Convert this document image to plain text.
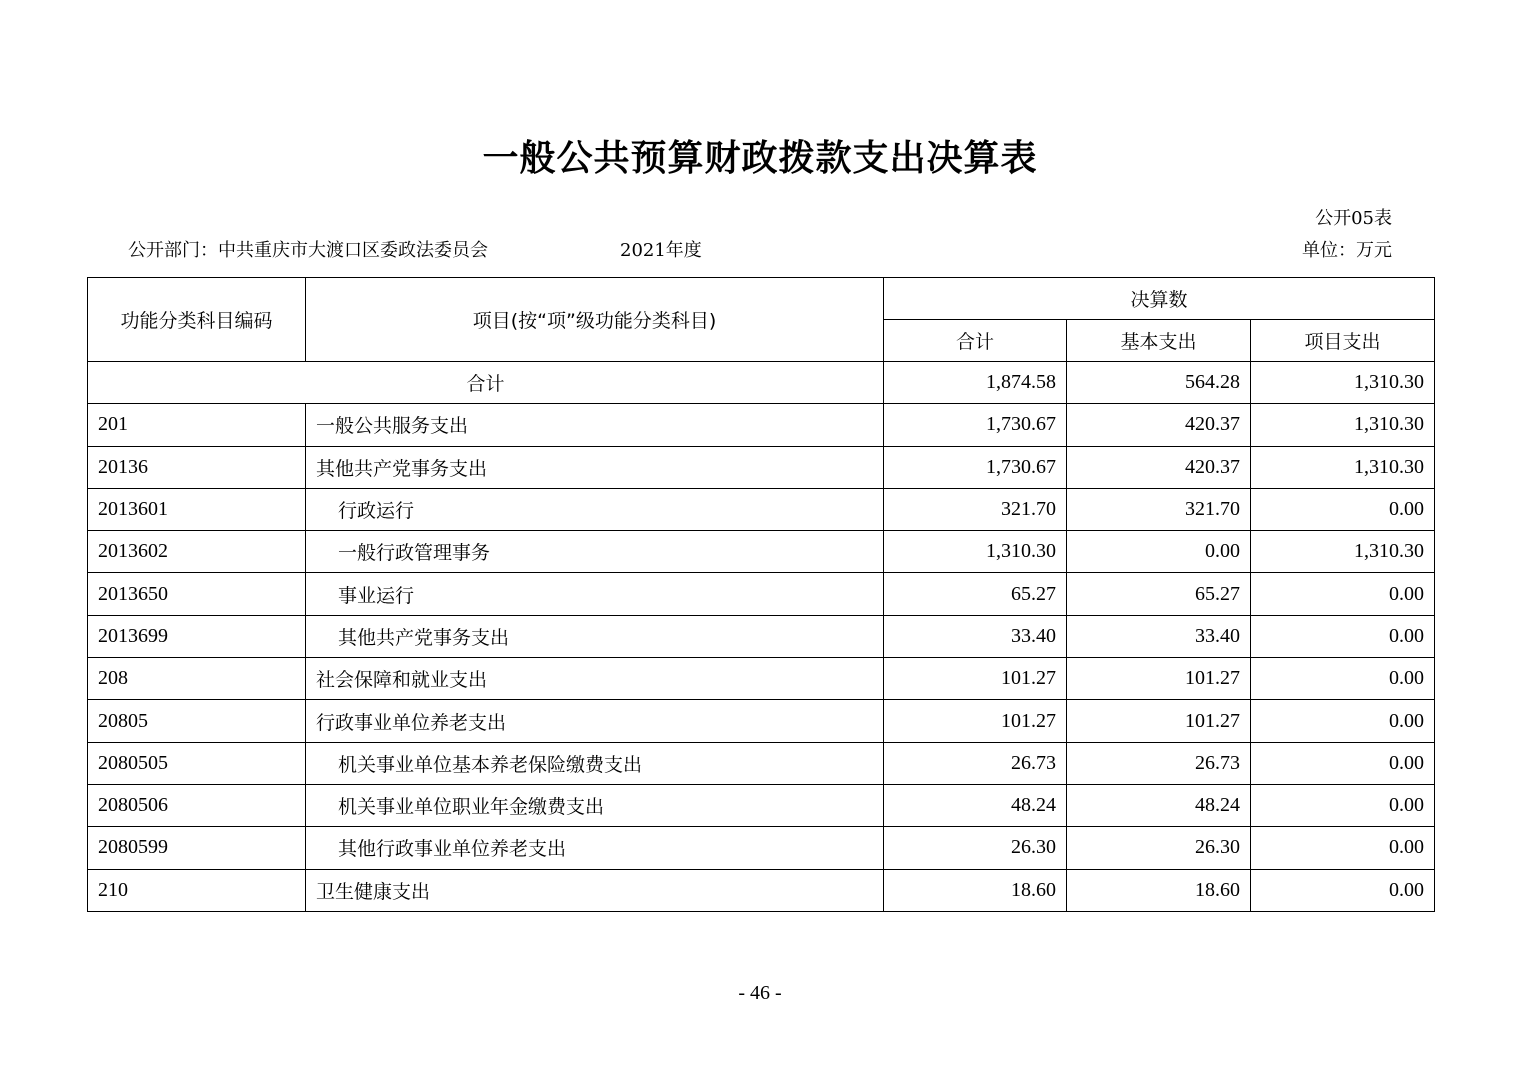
一般公共预算财政拨款支出决算表
公开05表
公开部门：中共重庆市大渡口区委政法委员会	2021年度	单位：万元
功能分类科目编码	项目(按“项”级功能分类科目)	决算数		
		合计	基本支出	项目支出
合计		1,874.58	564.28	1,310.30
201	一般公共服务支出	1,730.67	420.37	1,310.30
20136	其他共产党事务支出	1,730.67	420.37	1,310.30
2013601	行政运行	321.70	321.70	0.00
2013602	一般行政管理事务	1,310.30	0.00	1,310.30
2013650	事业运行	65.27	65.27	0.00
2013699	其他共产党事务支出	33.40	33.40	0.00
208	社会保障和就业支出	101.27	101.27	0.00
20805	行政事业单位养老支出	101.27	101.27	0.00
2080505	机关事业单位基本养老保险缴费支出	26.73	26.73	0.00
2080506	机关事业单位职业年金缴费支出	48.24	48.24	0.00
2080599	其他行政事业单位养老支出	26.30	26.30	0.00
210	卫生健康支出	18.60	18.60	0.00
- 46 -
